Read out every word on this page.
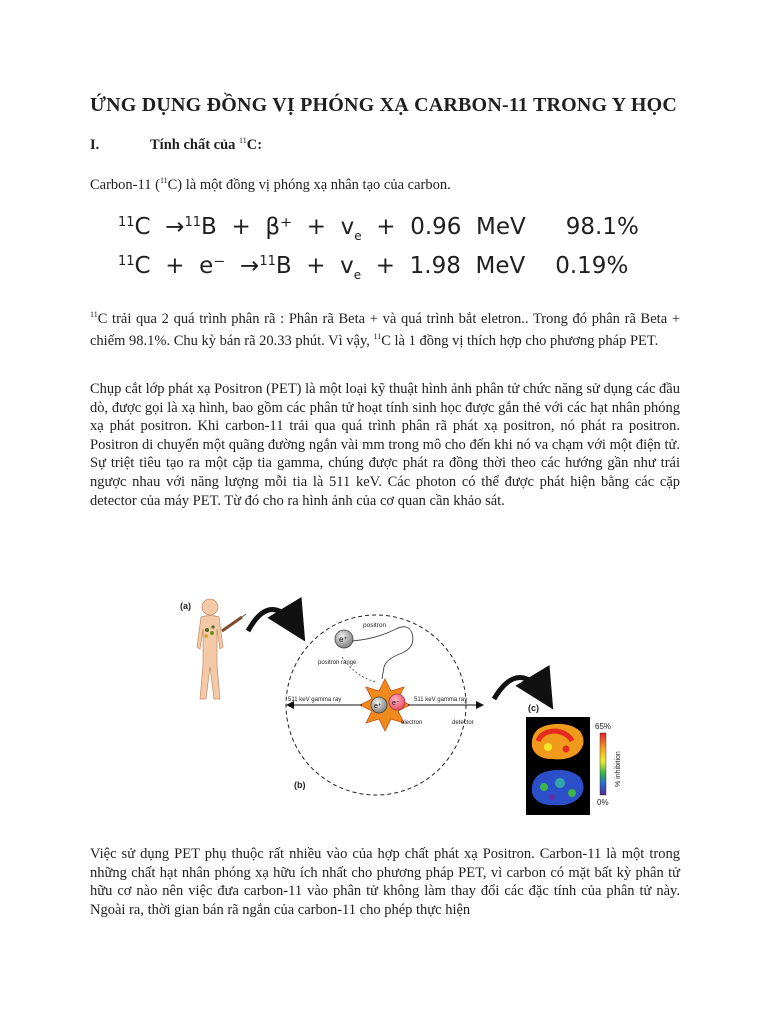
ỨNG DỤNG ĐỒNG VỊ PHÓNG XẠ CARBON-11 TRONG Y HỌC
I.	Tính chất của $^{11}$C:
Carbon-11 ($^{11}$C) là một đồng vị phóng xạ nhân tạo của carbon.
$^{11}C \to^{11}B + \beta^+ + v_e + 0.96$  MeV 98.1%
$^{11}C + e^- \to^{11}B + v_e + 1.98$  MeV 0.19%
$^{11}$C trải qua 2 quá trình phân rã : Phân rã Beta + và quá trình bắt eletron.. Trong đó phân rã Beta + chiếm 98.1%. Chu kỳ bán rã 20.33 phút. Vì vậy, $^{11}$C là 1 đồng vị thích hợp cho phương pháp PET.
Chụp cắt lớp phát xạ Positron (PET) là một loại kỹ thuật hình ảnh phân tử chức năng sử dụng các đầu dò, được gọi là xạ hình, bao gồm các phân tử hoạt tính sinh học được gắn thẻ với các hạt nhân phóng xạ phát positron. Khi carbon-11 trải qua quá trình phân rã phát xạ positron, nó phát ra positron. Positron di chuyển một quãng đường ngắn vài mm trong mô cho đến khi nó va chạm với một điện tử. Sự triệt tiêu tạo ra một cặp tia gamma, chúng được phát ra đồng thời theo các hướng gần như trái ngược nhau với năng lượng mỗi tia là 511 keV. Các photon có thể được phát hiện bằng các cặp detector của máy PET. Từ đó cho ra hình ảnh của cơ quan cần khảo sát.
(a)
(b)
e⁺
positron
positron range
e⁺ e⁻
electron
511 keV gamma ray	511 keV gamma ray
detector
(c)
65%
0%
% inhibition
Việc sử dụng PET phụ thuộc rất nhiều vào của hợp chất phát xạ Positron. Carbon-11 là một trong những chất hạt nhân phóng xạ hữu ích nhất cho phương pháp PET, vì carbon có mặt bất kỳ phân tử hữu cơ nào nên việc đưa carbon-11 vào phân tử không làm thay đổi các đặc tính của phân tử này. Ngoài ra, thời gian bán rã ngắn của carbon-11 cho phép thực hiện
